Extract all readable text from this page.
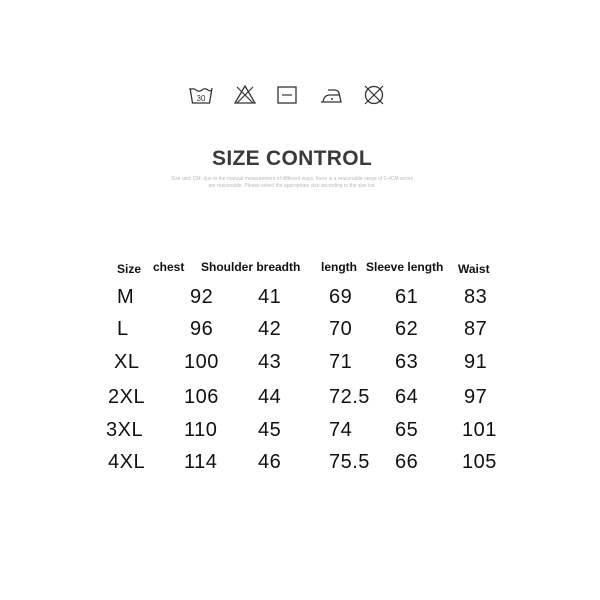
30
SIZE CONTROL
Size unit: CM, due to the manual measurement of different ways, there is a reasonable range of 2-4CM errors
are reasonable. Please select the appropriate size according to the size list.
Size chest Shoulder breadth length Sleeve length Waist
M	92 41 69 61 83
L	96 42 70 62 87
XL 100 43 71 63 91
2XL 106 44 72.5 64 97
3XL 110 45 74 65 101
4XL 114 46 75.5 66 105
